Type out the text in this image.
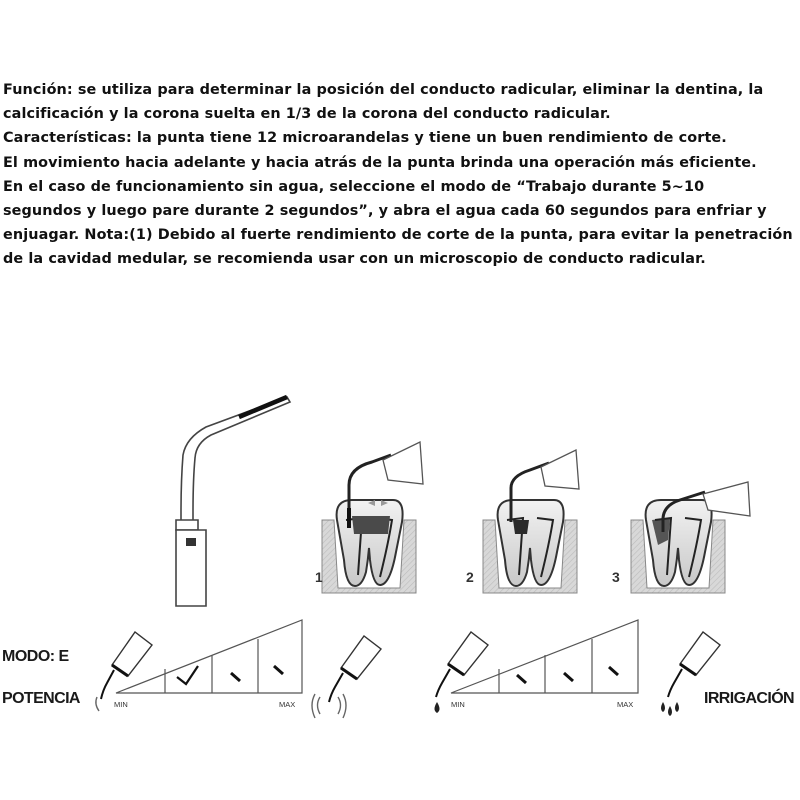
Función: se utiliza para determinar la posición del conducto radicular, eliminar la dentina, la

calcificación y la corona suelta en 1/3 de la corona del conducto radicular.

Características: la punta tiene 12 microarandelas y tiene un buen rendimiento de corte.

El movimiento hacia adelante y hacia atrás de la punta brinda una operación más eficiente.

En el caso de funcionamiento sin agua, seleccione el modo de “Trabajo durante 5~10

segundos y luego pare durante 2 segundos”, y abra el agua cada 60 segundos para enfriar y

enjuagar. Nota:(1) Debido al fuerte rendimiento de corte de la punta, para evitar la penetración

de la cavidad medular, se recomienda usar con un microscopio de conducto radicular.

1	2	3
MIN	MAX	MIN	MAX
MODO: E
POTENCIA	IRRIGACIÓN
